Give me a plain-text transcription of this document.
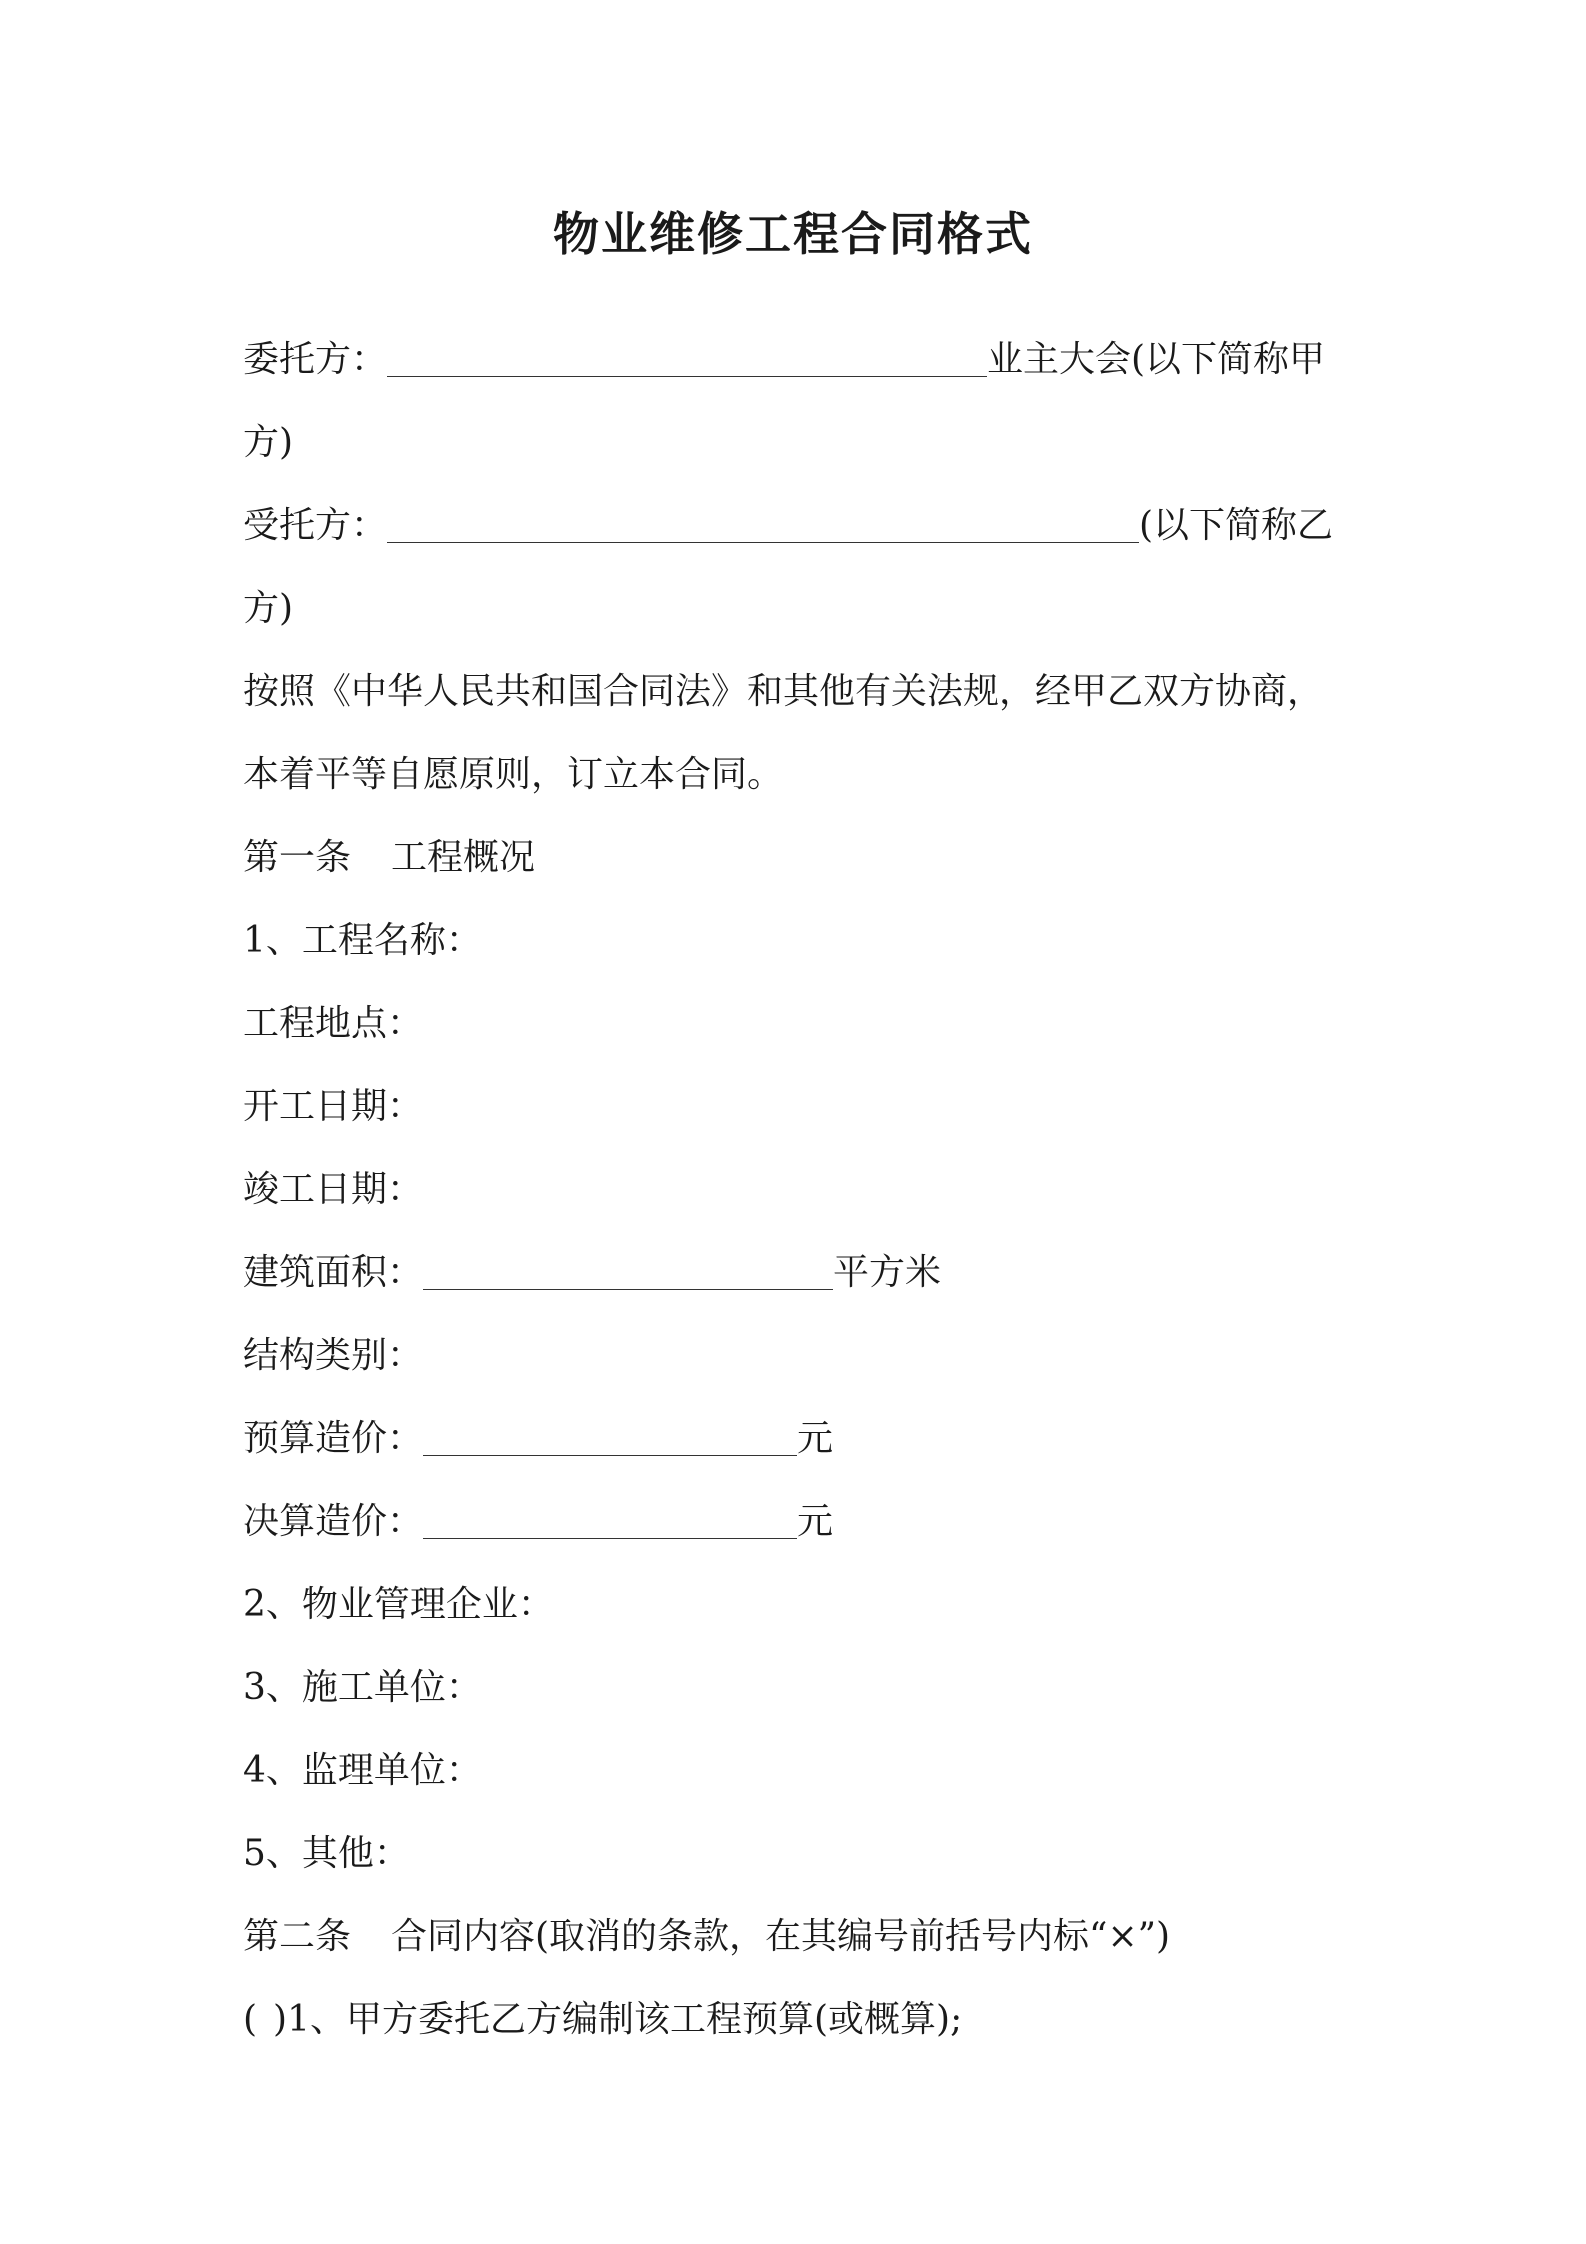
物业维修工程合同格式
委托方：	业主大会(以下简称甲
方)
受托方：	(以下简称乙
方)
按照《中华人民共和国合同法》和其他有关法规，经甲乙双方协商，
本着平等自愿原则，订立本合同。
第一条 工程概况
1、工程名称：
工程地点：
开工日期：
竣工日期：
建筑面积：	平方米
结构类别：
预算造价：	元
决算造价：	元
2、物业管理企业：
3、施工单位：
4、监理单位：
5、其他：
第二条 合同内容(取消的条款，在其编号前括号内标“×”)
( )1、甲方委托乙方编制该工程预算(或概算);
